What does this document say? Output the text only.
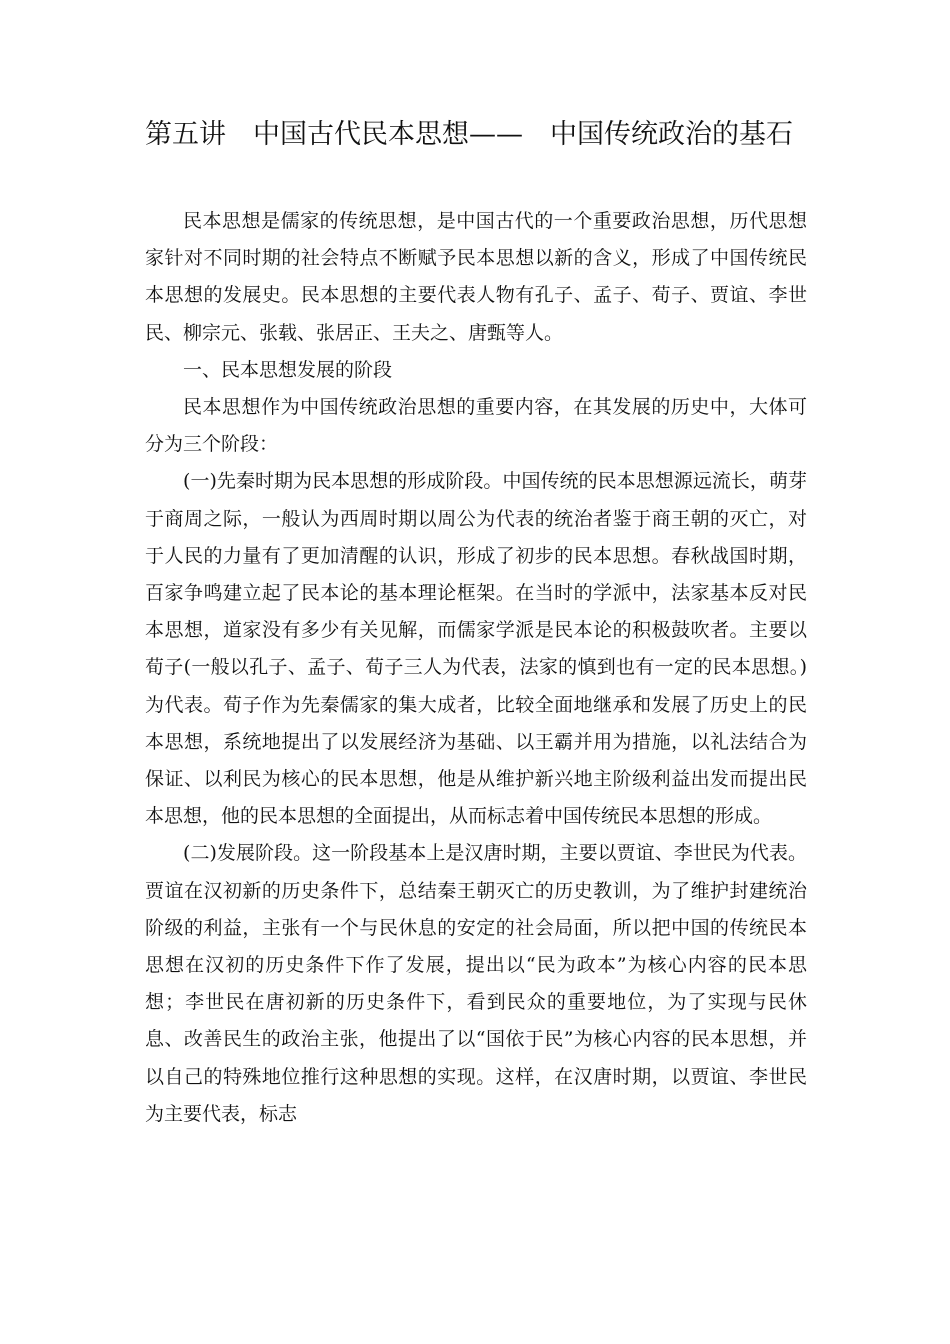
第五讲　中国古代民本思想——　中国传统政治的基石

民本思想是儒家的传统思想，是中国古代的一个重要政治思想，历代思想家针对不同时期的社会特点不断赋予民本思想以新的含义，形成了中国传统民本思想的发展史。民本思想的主要代表人物有孔子、孟子、荀子、贾谊、李世民、柳宗元、张载、张居正、王夫之、唐甄等人。

一、民本思想发展的阶段

民本思想作为中国传统政治思想的重要内容，在其发展的历史中，大体可分为三个阶段：

(一)先秦时期为民本思想的形成阶段。中国传统的民本思想源远流长，萌芽于商周之际，一般认为西周时期以周公为代表的统治者鉴于商王朝的灭亡，对于人民的力量有了更加清醒的认识，形成了初步的民本思想。春秋战国时期，百家争鸣建立起了民本论的基本理论框架。在当时的学派中，法家基本反对民本思想，道家没有多少有关见解，而儒家学派是民本论的积极鼓吹者。主要以荀子(一般以孔子、孟子、荀子三人为代表，法家的慎到也有一定的民本思想。)为代表。荀子作为先秦儒家的集大成者，比较全面地继承和发展了历史上的民本思想，系统地提出了以发展经济为基础、以王霸并用为措施，以礼法结合为保证、以利民为核心的民本思想，他是从维护新兴地主阶级利益出发而提出民本思想，他的民本思想的全面提出，从而标志着中国传统民本思想的形成。

(二)发展阶段。这一阶段基本上是汉唐时期，主要以贾谊、李世民为代表。贾谊在汉初新的历史条件下，总结秦王朝灭亡的历史教训，为了维护封建统治阶级的利益，主张有一个与民休息的安定的社会局面，所以把中国的传统民本思想在汉初的历史条件下作了发展，提出以“民为政本”为核心内容的民本思想；李世民在唐初新的历史条件下，看到民众的重要地位，为了实现与民休息、改善民生的政治主张，他提出了以“国依于民”为核心内容的民本思想，并以自己的特殊地位推行这种思想的实现。这样，在汉唐时期，以贾谊、李世民为主要代表，标志
